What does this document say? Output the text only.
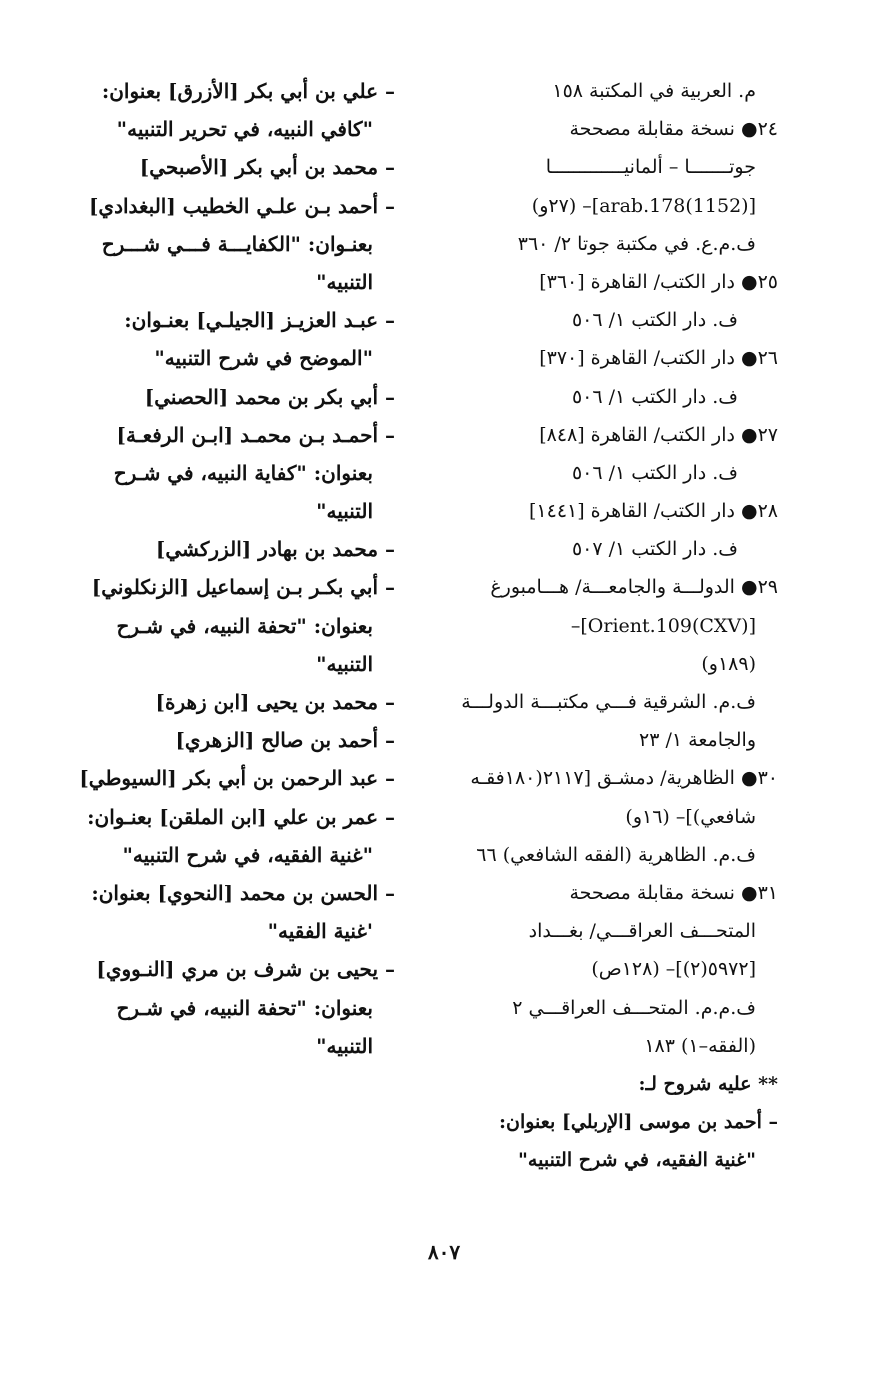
م. العربية في المكتبة ١٥٨
٢٤● نسخة مقابلة مصححة
جوتـــــــا – ألمانيـــــــــــــا
[arab.178(1152)]– (٢٧و)
ف.م.ع. في مكتبة جوتا ٢/ ٣٦٠
٢٥● دار الكتب/ القاهرة [٣٦٠]
ف. دار الكتب ١/ ٥٠٦
٢٦● دار الكتب/ القاهرة [٣٧٠]
ف. دار الكتب ١/ ٥٠٦
٢٧● دار الكتب/ القاهرة [٨٤٨]
ف. دار الكتب ١/ ٥٠٦
٢٨● دار الكتب/ القاهرة [١٤٤١]
ف. دار الكتب ١/ ٥٠٧
٢٩● الدولـــة والجامعـــة/ هـــامبورغ
[Orient.109(CXV)]–
(١٨٩و)
ف.م. الشرقية فـــي مكتبـــة الدولـــة
والجامعة ١/ ٢٣
٣٠● الظاهرية/ دمشـق [٢١١٧(١٨٠فقـه
شافعي)]– (١٦و)
ف.م. الظاهرية (الفقه الشافعي) ٦٦
٣١● نسخة مقابلة مصححة
المتحـــف العراقـــي/ بغـــداد
[٥٩٧٢(٢)]– (١٢٨ص)
ف.م.م. المتحـــف العراقـــي ٢
(الفقه–١) ١٨٣
** عليه شروح لـ:
– أحمد بن موسى [الإربلي] بعنوان:
"غنية الفقيه، في شرح التنبيه"
– علي بن أبي بكر [الأزرق] بعنوان:
"كافي النبيه، في تحرير التنبيه"
– محمد بن أبي بكر [الأصبحي]
– أحمد بـن علـي الخطيب [البغدادي]
بعنـوان: "الكفايـــة فـــي شـــرح
التنبيه"
– عبـد العزيـز [الجيلـي] بعنـوان:
"الموضح في شرح التنبيه"
– أبي بكر بن محمد [الحصني]
– أحمـد بـن محمـد [ابـن الرفعـة]
بعنوان: "كفاية النبيه، في شـرح
التنبيه"
– محمد بن بهادر [الزركشي]
– أبي بكـر بـن إسماعيل [الزنكلوني]
بعنوان: "تحفة النبيه، في شـرح
التنبيه"
– محمد بن يحيى [ابن زهرة]
– أحمد بن صالح [الزهري]
– عبد الرحمن بن أبي بكر [السيوطي]
– عمر بن علي [ابن الملقن] بعنـوان:
"غنية الفقيه، في شرح التنبيه"
– الحسن بن محمد [النحوي] بعنوان:
'غنية الفقيه"
– يحيى بن شرف بن مري [النـووي]
بعنوان: "تحفة النبيه، في شـرح
التنبيه"
٨٠٧
